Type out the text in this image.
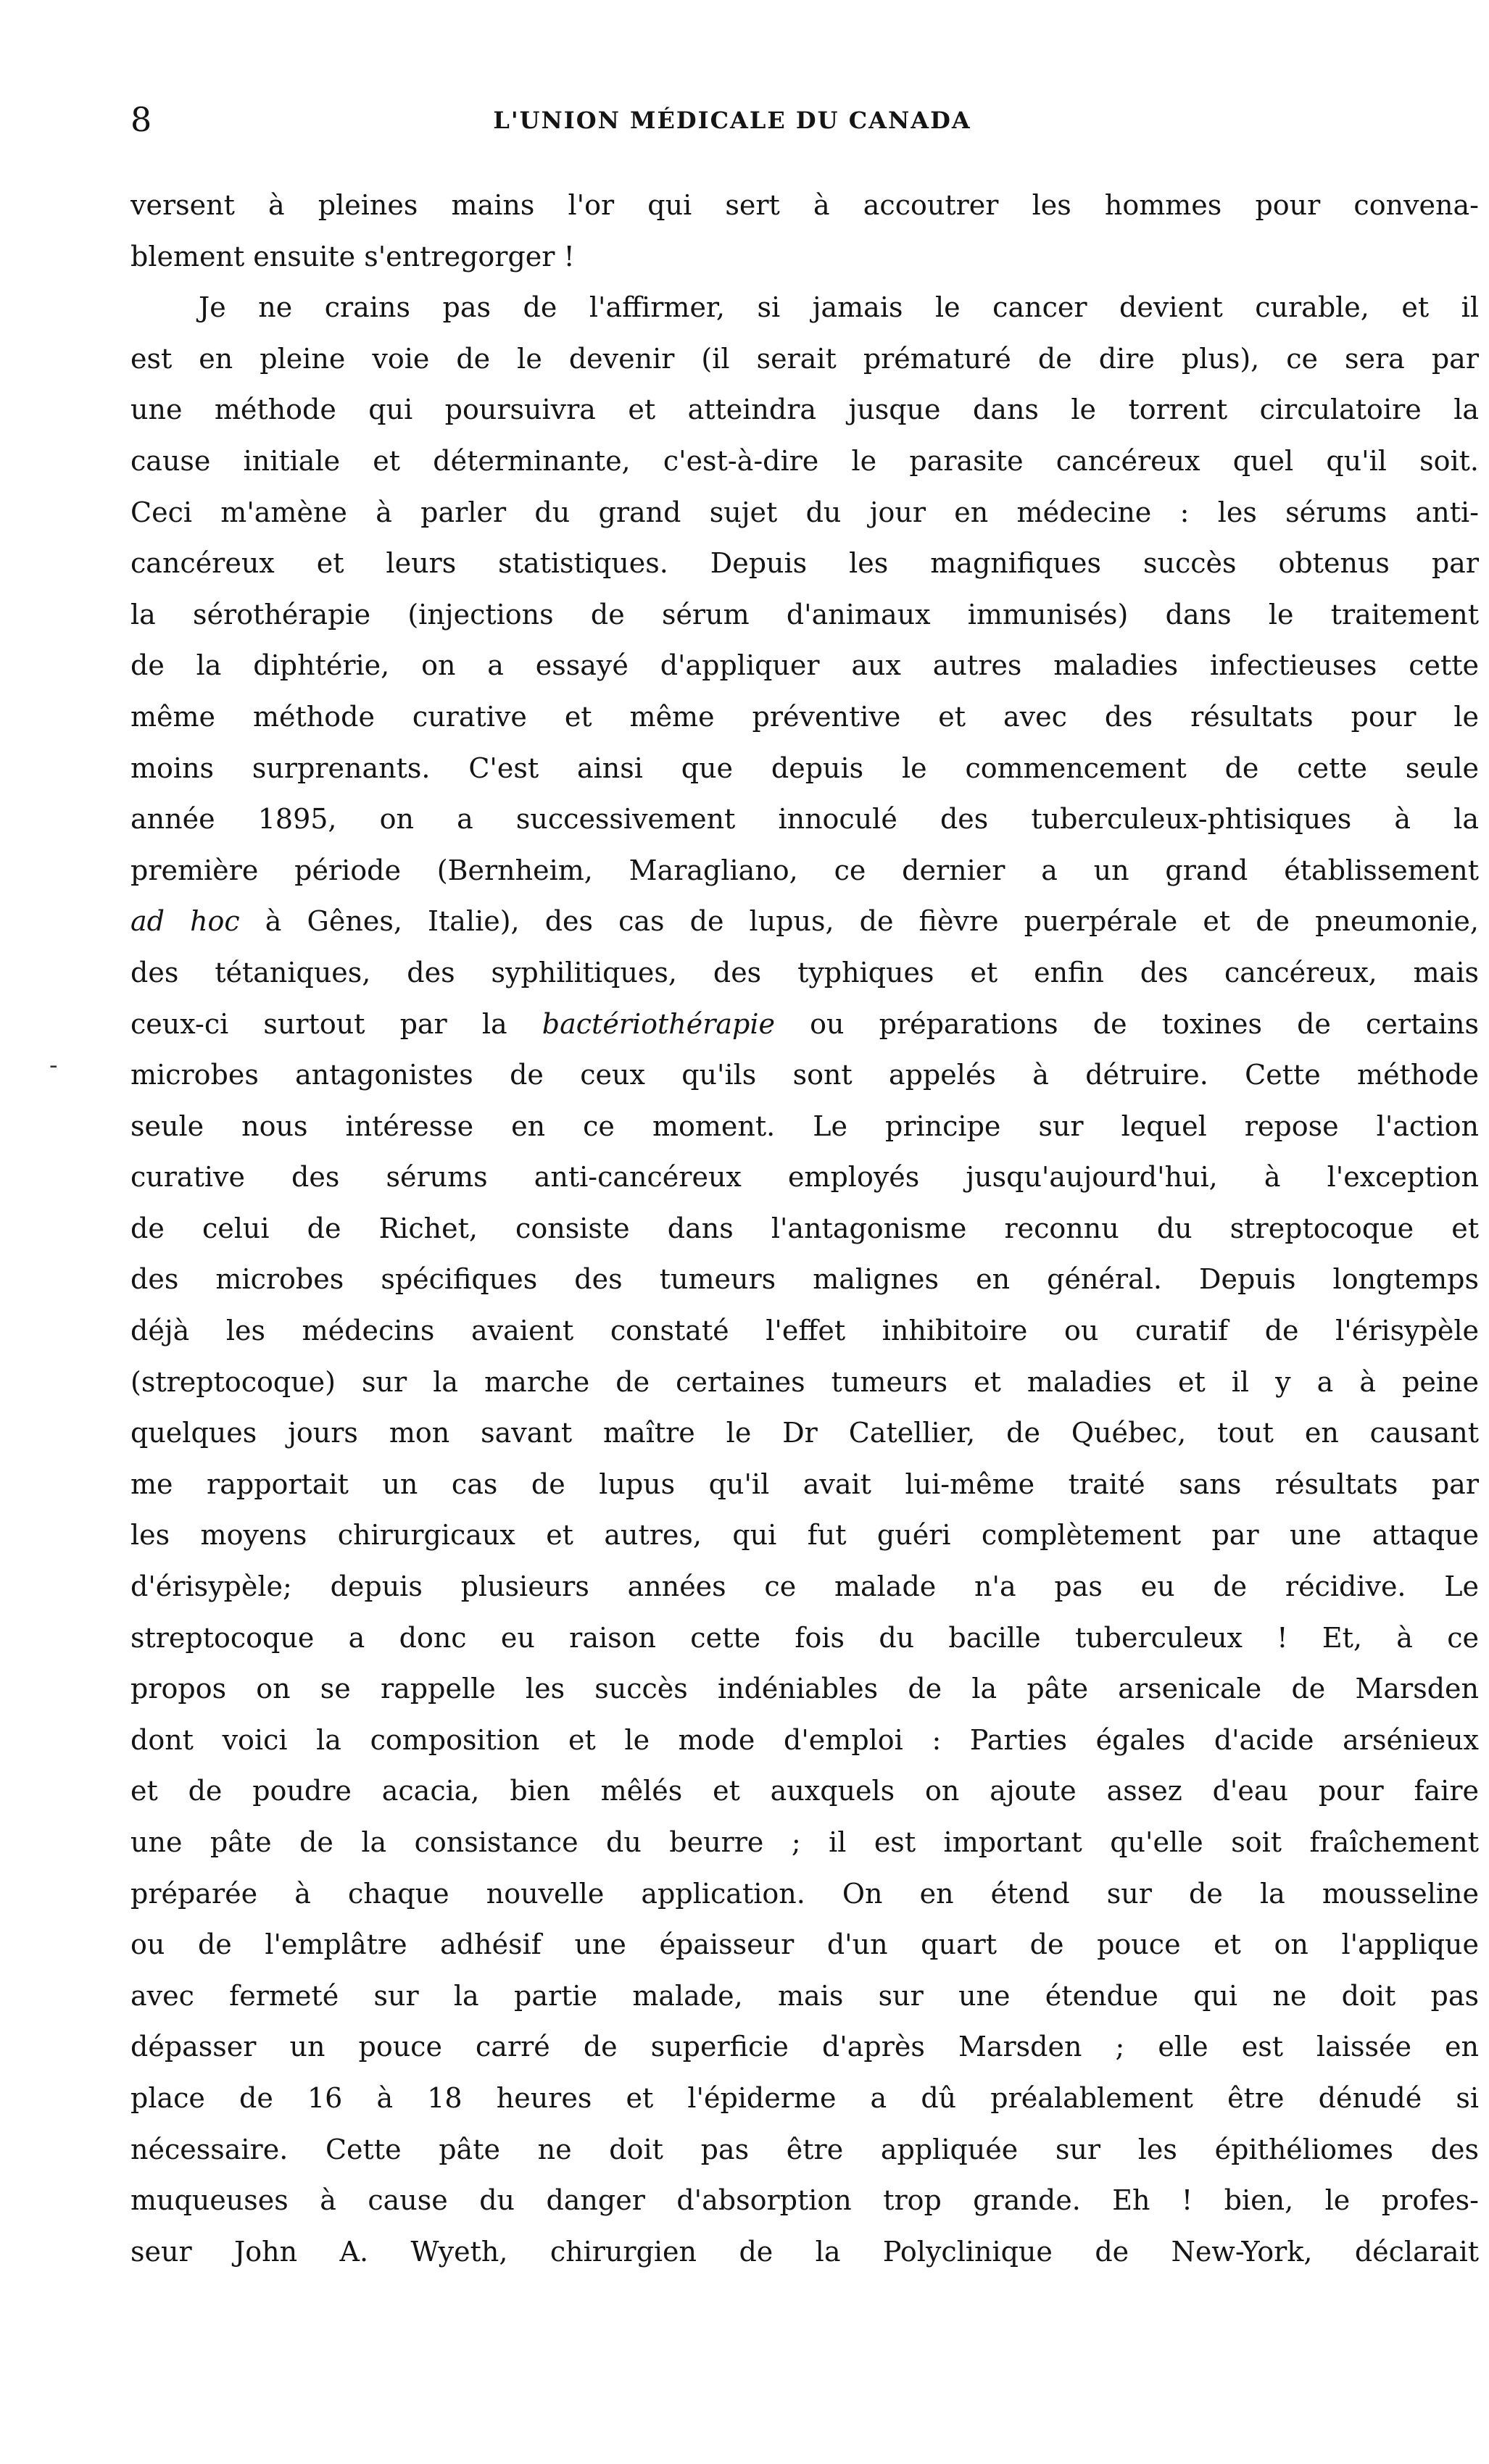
8	L'UNION MÉDICALE DU CANADA
-
versent à pleines mains l'or qui sert à accoutrer les hommes pour convena-
blement ensuite s'entregorger !
Je ne crains pas de l'affirmer, si jamais le cancer devient curable, et il
est en pleine voie de le devenir (il serait prématuré de dire plus), ce sera par
une méthode qui poursuivra et atteindra jusque dans le torrent circulatoire la
cause initiale et déterminante, c'est-à-dire le parasite cancéreux quel qu'il soit.
Ceci m'amène à parler du grand sujet du jour en médecine : les sérums anti-
cancéreux et leurs statistiques. Depuis les magnifiques succès obtenus par
la sérothérapie (injections de sérum d'animaux immunisés) dans le traitement
de la diphtérie, on a essayé d'appliquer aux autres maladies infectieuses cette
même méthode curative et même préventive et avec des résultats pour le
moins surprenants. C'est ainsi que depuis le commencement de cette seule
année 1895, on a successivement innoculé des tuberculeux-phtisiques à la
première période (Bernheim, Maragliano, ce dernier a un grand établissement
ad hoc à Gênes, Italie), des cas de lupus, de fièvre puerpérale et de pneumonie,
des tétaniques, des syphilitiques, des typhiques et enfin des cancéreux, mais
ceux-ci surtout par la bactériothérapie ou préparations de toxines de certains
microbes antagonistes de ceux qu'ils sont appelés à détruire. Cette méthode
seule nous intéresse en ce moment. Le principe sur lequel repose l'action
curative des sérums anti-cancéreux employés jusqu'aujourd'hui, à l'exception
de celui de Richet, consiste dans l'antagonisme reconnu du streptocoque et
des microbes spécifiques des tumeurs malignes en général. Depuis longtemps
déjà les médecins avaient constaté l'effet inhibitoire ou curatif de l'érisypèle
(streptocoque) sur la marche de certaines tumeurs et maladies et il y a à peine
quelques jours mon savant maître le Dr Catellier, de Québec, tout en causant
me rapportait un cas de lupus qu'il avait lui-même traité sans résultats par
les moyens chirurgicaux et autres, qui fut guéri complètement par une attaque
d'érisypèle; depuis plusieurs années ce malade n'a pas eu de récidive. Le
streptocoque a donc eu raison cette fois du bacille tuberculeux ! Et, à ce
propos on se rappelle les succès indéniables de la pâte arsenicale de Marsden
dont voici la composition et le mode d'emploi : Parties égales d'acide arsénieux
et de poudre acacia, bien mêlés et auxquels on ajoute assez d'eau pour faire
une pâte de la consistance du beurre ; il est important qu'elle soit fraîchement
préparée à chaque nouvelle application. On en étend sur de la mousseline
ou de l'emplâtre adhésif une épaisseur d'un quart de pouce et on l'applique
avec fermeté sur la partie malade, mais sur une étendue qui ne doit pas
dépasser un pouce carré de superficie d'après Marsden ; elle est laissée en
place de 16 à 18 heures et l'épiderme a dû préalablement être dénudé si
nécessaire. Cette pâte ne doit pas être appliquée sur les épithéliomes des
muqueuses à cause du danger d'absorption trop grande. Eh ! bien, le profes-
seur John A. Wyeth, chirurgien de la Polyclinique de New-York, déclarait
